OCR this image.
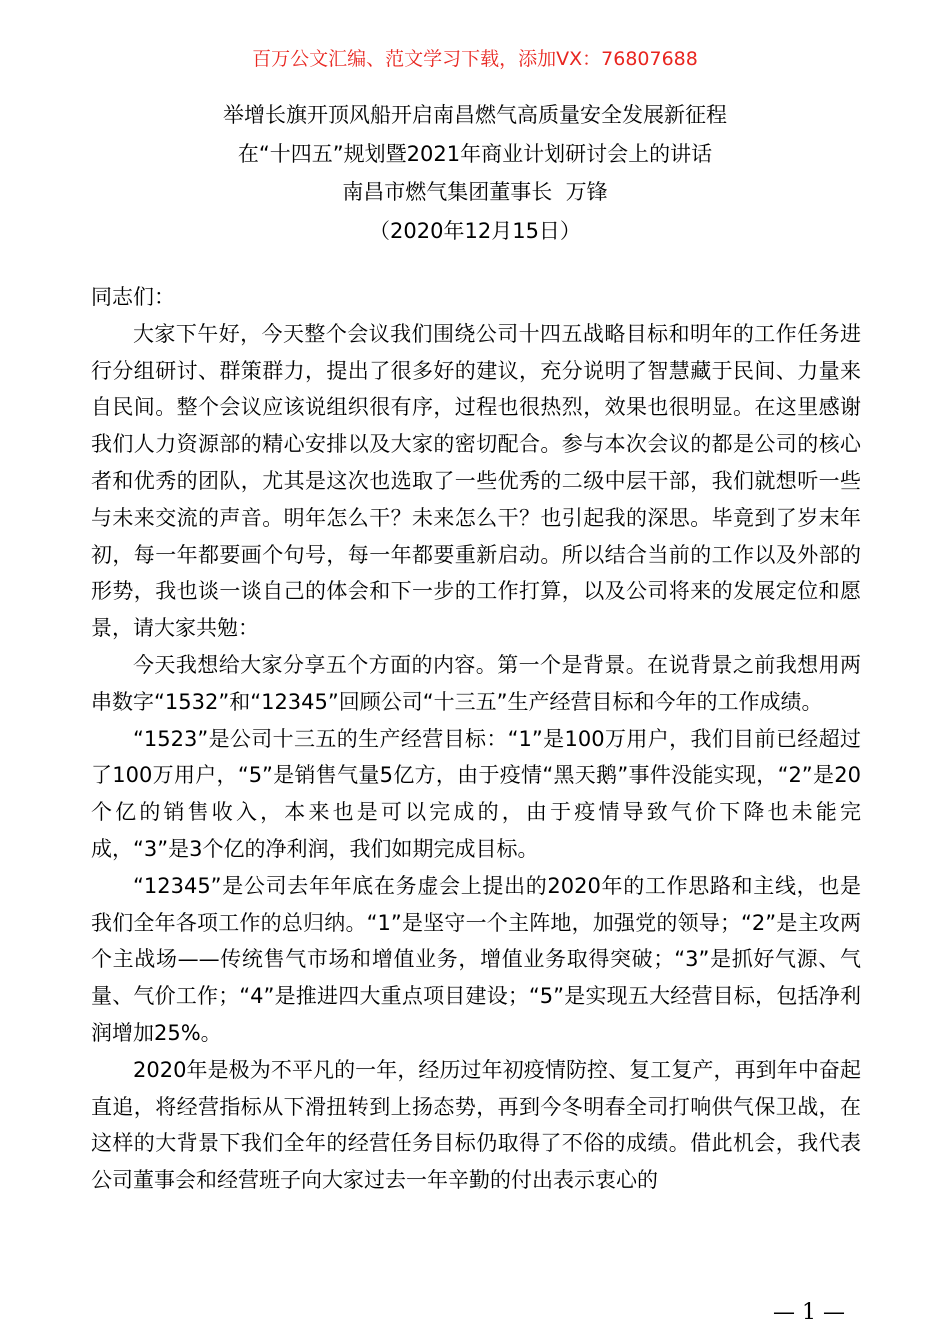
百万公文汇编、范文学习下载，添加VX：76807688
举增长旗开顶风船开启南昌燃气高质量安全发展新征程
在“十四五”规划暨2021年商业计划研讨会上的讲话
南昌市燃气集团董事长  万锋
（2020年12月15日）

同志们：

大家下午好，今天整个会议我们围绕公司十四五战略目标和明年的工作任务进行分组研讨、群策群力，提出了很多好的建议，充分说明了智慧藏于民间、力量来自民间。整个会议应该说组织很有序，过程也很热烈，效果也很明显。在这里感谢我们人力资源部的精心安排以及大家的密切配合。参与本次会议的都是公司的核心者和优秀的团队，尤其是这次也选取了一些优秀的二级中层干部，我们就想听一些与未来交流的声音。明年怎么干？未来怎么干？也引起我的深思。毕竟到了岁末年初，每一年都要画个句号，每一年都要重新启动。所以结合当前的工作以及外部的形势，我也谈一谈自己的体会和下一步的工作打算，以及公司将来的发展定位和愿景，请大家共勉：

今天我想给大家分享五个方面的内容。第一个是背景。在说背景之前我想用两串数字“1532”和“12345”回顾公司“十三五”生产经营目标和今年的工作成绩。

“1523”是公司十三五的生产经营目标：“1”是100万用户，我们目前已经超过了100万用户，“5”是销售气量5亿方，由于疫情“黑天鹅”事件没能实现，“2”是20个亿的销售收入，本来也是可以完成的，由于疫情导致气价下降也未能完成，“3”是3个亿的净利润，我们如期完成目标。

“12345”是公司去年年底在务虚会上提出的2020年的工作思路和主线，也是我们全年各项工作的总归纳。“1”是坚守一个主阵地，加强党的领导；“2”是主攻两个主战场——传统售气市场和增值业务，增值业务取得突破；“3”是抓好气源、气量、气价工作；“4”是推进四大重点项目建设；“5”是实现五大经营目标，包括净利润增加25%。

2020年是极为不平凡的一年，经历过年初疫情防控、复工复产，再到年中奋起直追，将经营指标从下滑扭转到上扬态势，再到今冬明春全司打响供气保卫战，在这样的大背景下我们全年的经营任务目标仍取得了不俗的成绩。借此机会，我代表公司董事会和经营班子向大家过去一年辛勤的付出表示衷心的

— 1 —
